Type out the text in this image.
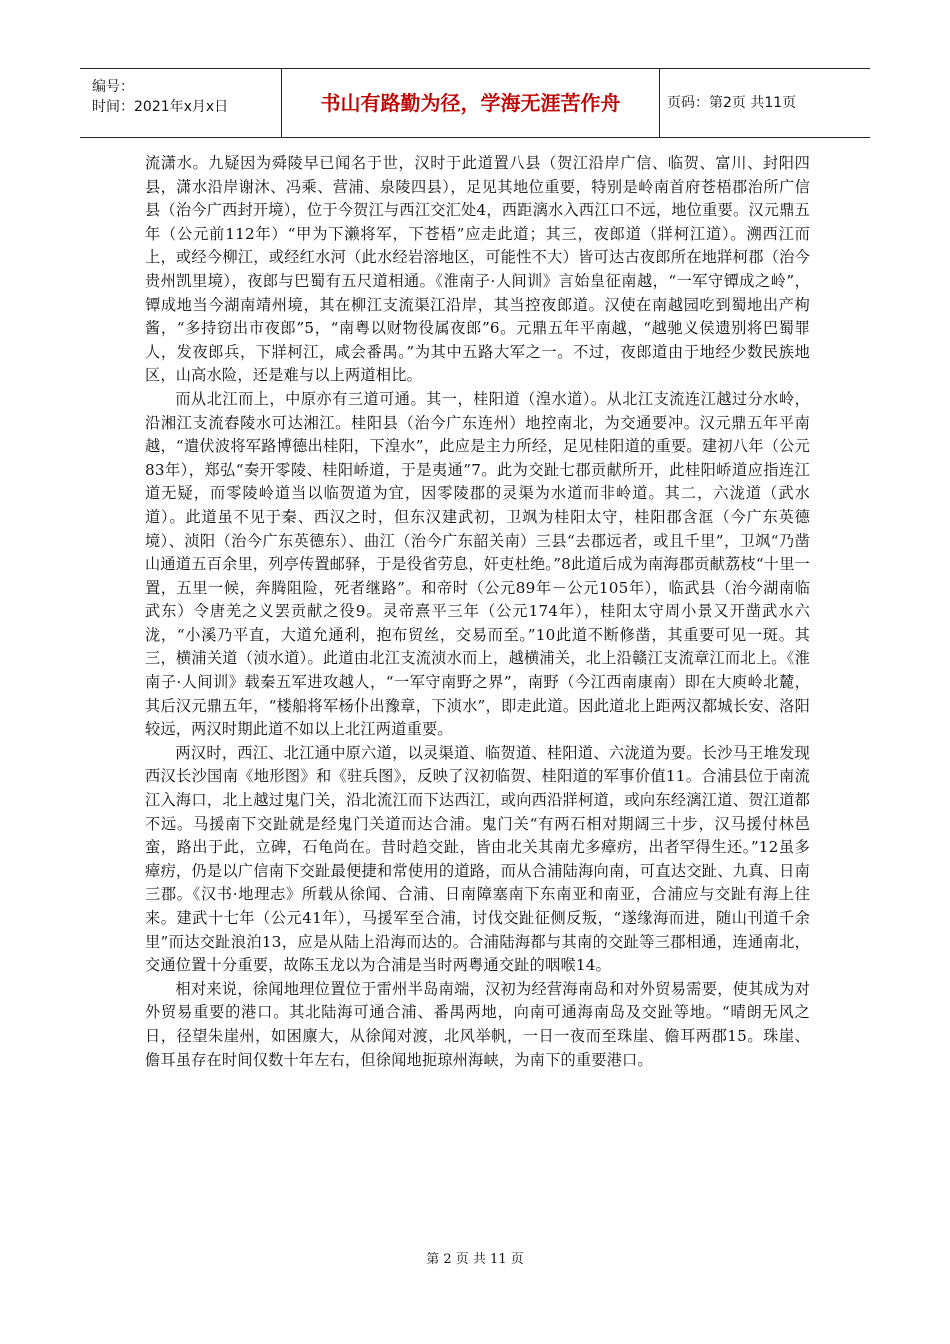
编号：
时间：2021年x月x日	书山有路勤为径，学海无涯苦作舟	页码：第2页 共11页

流潇水。九疑因为舜陵早已闻名于世，汉时于此道置八县（贺江沿岸广信、临贺、富川、封阳四县，潇水沿岸谢沐、冯乘、营浦、泉陵四县），足见其地位重要，特别是岭南首府苍梧郡治所广信县（治今广西封开境），位于今贺江与西江交汇处4，西距漓水入西江口不远，地位重要。汉元鼎五年（公元前112年）“甲为下濑将军，下苍梧”应走此道；其三，夜郎道（牂柯江道）。溯西江而上，或经今柳江，或经红水河（此水经岩溶地区，可能性不大）皆可达古夜郎所在地牂柯郡（治今贵州凯里境），夜郎与巴蜀有五尺道相通。《淮南子·人间训》言始皇征南越，“一军守镡成之岭”，镡成地当今湖南靖州境，其在柳江支流渠江沿岸，其当控夜郎道。汉使在南越园吃到蜀地出产枸酱，“多持窃出市夜郎”5，“南粤以财物役属夜郎”6。元鼎五年平南越，“越驰义侯遗别将巴蜀罪人，发夜郎兵，下牂柯江，咸会番禺。”为其中五路大军之一。不过，夜郎道由于地经少数民族地区，山高水险，还是难与以上两道相比。

而从北江而上，中原亦有三道可通。其一，桂阳道（湟水道）。从北江支流连江越过分水岭，沿湘江支流舂陵水可达湘江。桂阳县（治今广东连州）地控南北，为交通要冲。汉元鼎五年平南越，“遣伏波将军路博德出桂阳，下湟水”，此应是主力所经，足见桂阳道的重要。建初八年（公元83年），郑弘“奏开零陵、桂阳峤道，于是夷通”7。此为交趾七郡贡献所开，此桂阳峤道应指连江道无疑，而零陵岭道当以临贺道为宜，因零陵郡的灵渠为水道而非岭道。其二，六泷道（武水道）。此道虽不见于秦、西汉之时，但东汉建武初，卫飒为桂阳太守，桂阳郡含洭（今广东英德境）、浈阳（治今广东英德东）、曲江（治今广东韶关南）三县“去郡远者，或且千里”，卫飒“乃凿山通道五百余里，列亭传置邮驿，于是役省劳息，奸吏杜绝。”8此道后成为南海郡贡献荔枝“十里一置，五里一候，奔腾阻险，死者继路”。和帝时（公元89年－公元105年），临武县（治今湖南临武东）令唐羌之义罢贡献之役9。灵帝熹平三年（公元174年），桂阳太守周小景又开凿武水六泷，“小溪乃平直，大道允通利，抱布贸丝，交易而至。”10此道不断修凿，其重要可见一斑。其三，横浦关道（浈水道）。此道由北江支流浈水而上，越横浦关，北上沿赣江支流章江而北上。《淮南子·人间训》载秦五军进攻越人，“一军守南野之界”，南野（今江西南康南）即在大庾岭北麓，其后汉元鼎五年，“楼船将军杨仆出豫章，下浈水”，即走此道。因此道北上距两汉都城长安、洛阳较远，两汉时期此道不如以上北江两道重要。

两汉时，西江、北江通中原六道，以灵渠道、临贺道、桂阳道、六泷道为要。长沙马王堆发现西汉长沙国南《地形图》和《驻兵图》，反映了汉初临贺、桂阳道的军事价值11。合浦县位于南流江入海口，北上越过鬼门关，沿北流江而下达西江，或向西沿牂柯道，或向东经漓江道、贺江道都不远。马援南下交趾就是经鬼门关道而达合浦。鬼门关“有两石相对期阔三十步，汉马援付林邑蛮，路出于此，立碑，石龟尚在。昔时趋交趾，皆由北关其南尤多瘴疠，出者罕得生还。”12虽多瘴疠，仍是以广信南下交趾最便捷和常使用的道路，而从合浦陆海向南，可直达交趾、九真、日南三郡。《汉书·地理志》所载从徐闻、合浦、日南障塞南下东南亚和南亚，合浦应与交趾有海上往来。建武十七年（公元41年），马援军至合浦，讨伐交趾征侧反叛，“遂缘海而进，随山刊道千余里”而达交趾浪泊13，应是从陆上沿海而达的。合浦陆海都与其南的交趾等三郡相通，连通南北，交通位置十分重要，故陈玉龙以为合浦是当时两粤通交趾的咽喉14。

相对来说，徐闻地理位置位于雷州半岛南端，汉初为经营海南岛和对外贸易需要，使其成为对外贸易重要的港口。其北陆海可通合浦、番禺两地，向南可通海南岛及交趾等地。“晴朗无风之日，径望朱崖州，如困廪大，从徐闻对渡，北风举帆，一日一夜而至珠崖、儋耳两郡15。珠崖、儋耳虽存在时间仅数十年左右，但徐闻地扼琼州海峡，为南下的重要港口。

第 2 页 共 11 页
